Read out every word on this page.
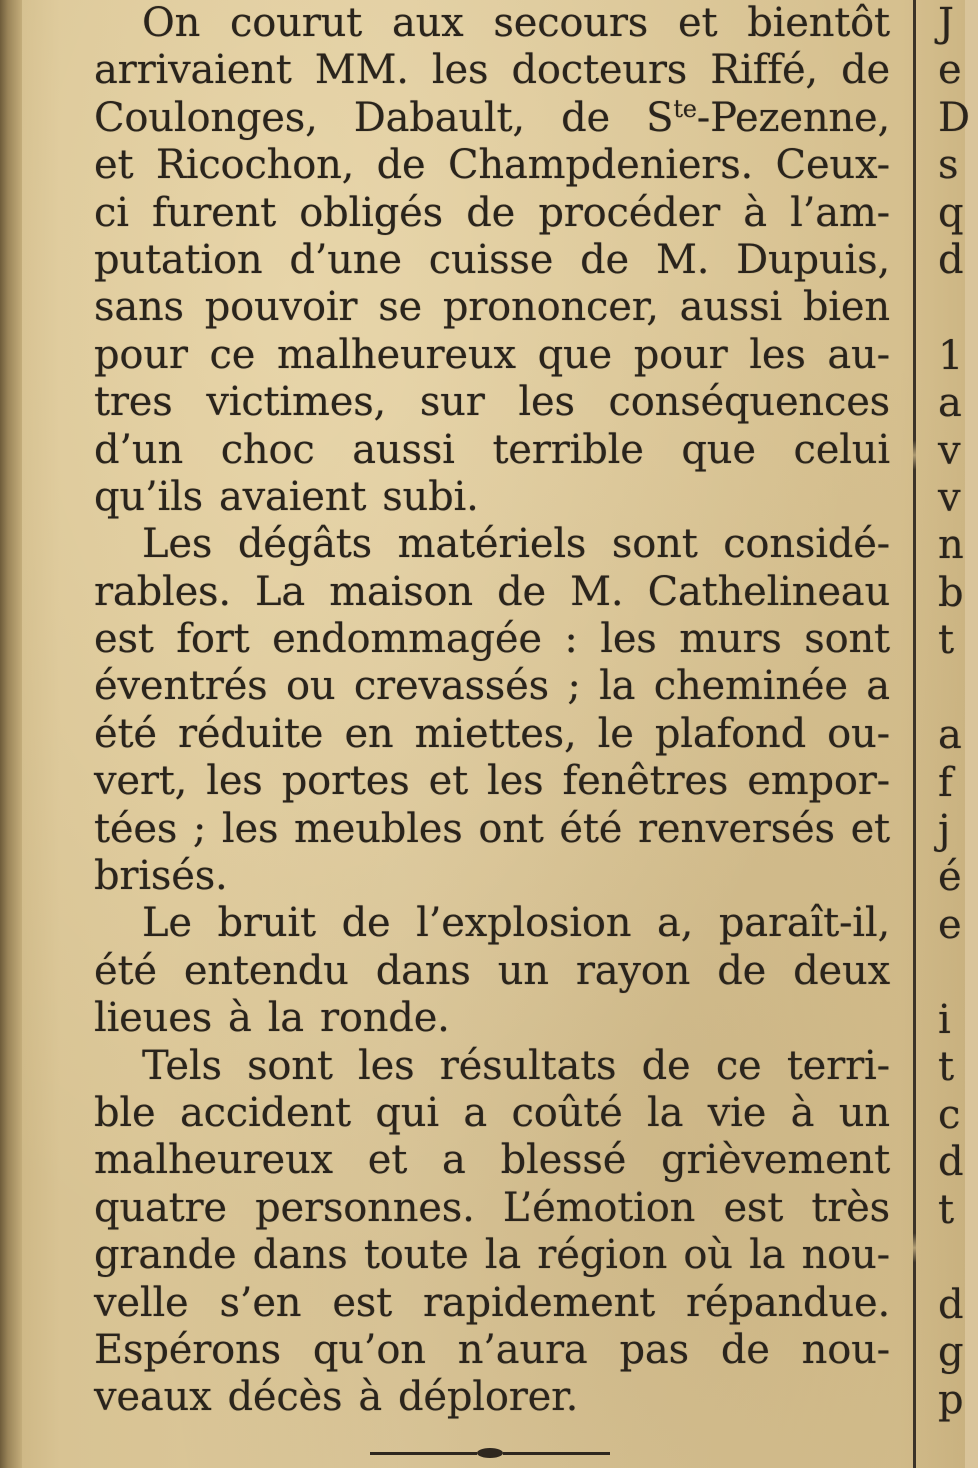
On courut aux secours et bientôt
arrivaient MM. les docteurs Riffé, de
Coulonges, Dabault, de $S^{te}$-Pezenne,
et Ricochon, de Champdeniers. Ceux-
ci furent obligés de procéder à l’am-
putation d’une cuisse de M. Dupuis,
sans pouvoir se prononcer, aussi bien
pour ce malheureux que pour les au-
tres victimes, sur les conséquences
d’un choc aussi terrible que celui
qu’ils avaient subi.
Les dégâts matériels sont considé-
rables. La maison de M. Cathelineau
est fort endommagée : les murs sont
éventrés ou crevassés ; la cheminée a
été réduite en miettes, le plafond ou-
vert, les portes et les fenêtres empor-
tées ; les meubles ont été renversés et
brisés.
Le bruit de l’explosion a, paraît-il,
été entendu dans un rayon de deux
lieues à la ronde.
Tels sont les résultats de ce terri-
ble accident qui a coûté la vie à un
malheureux et a blessé grièvement
quatre personnes. L’émotion est très
grande dans toute la région où la nou-
velle s’en est rapidement répandue.
Espérons qu’on n’aura pas de nou-
veaux décès à déplorer.
J
e
D
s
q
d
1
a
v
v
n
b
t
a
f
j
é
e
i
t
c
d
t
d
g
p
